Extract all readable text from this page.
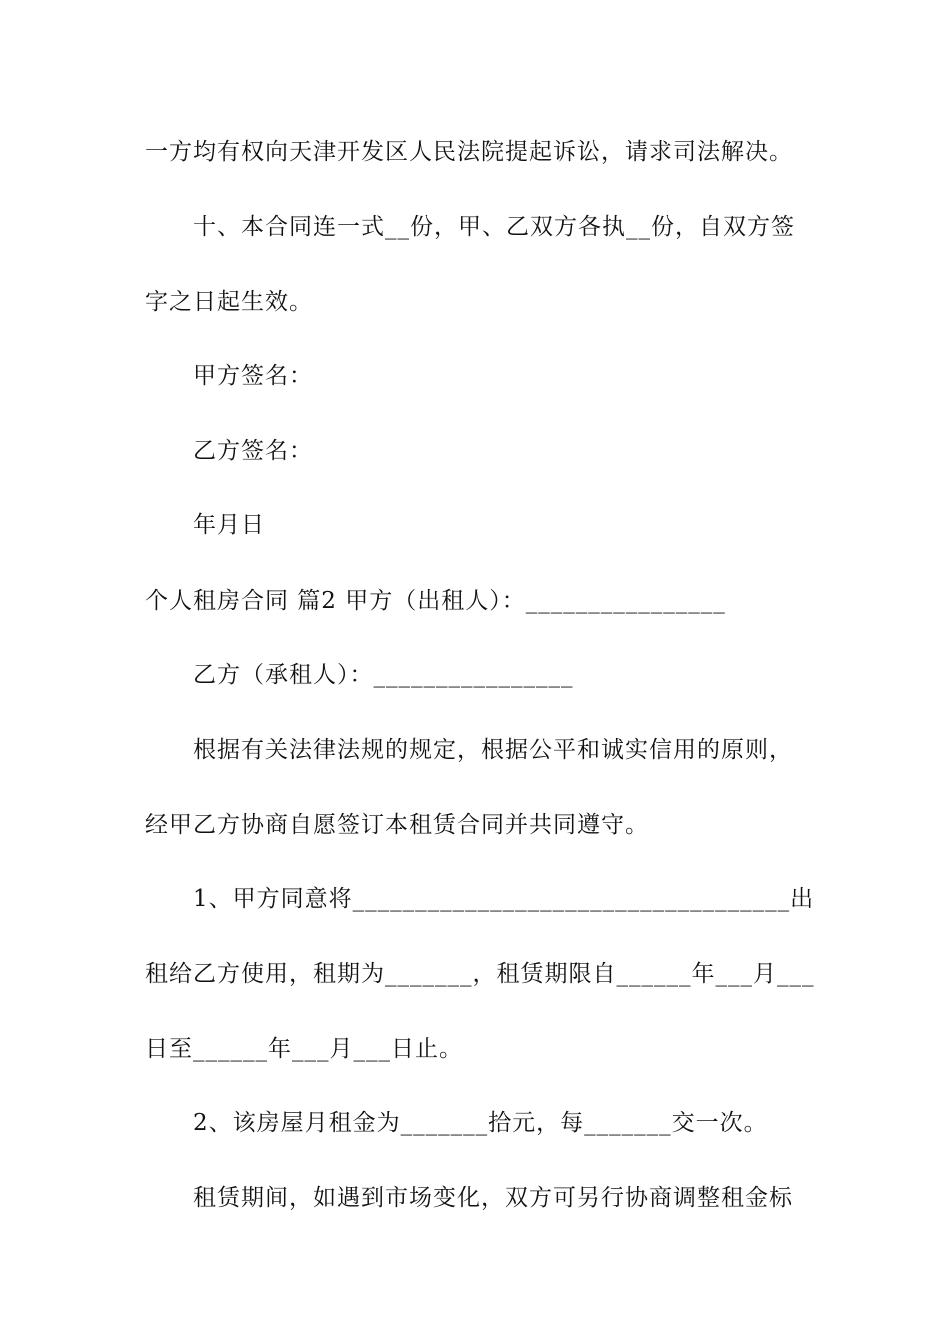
一方均有权向天津开发区人民法院提起诉讼，请求司法解决。
十、本合同连一式__份，甲、乙双方各执__份，自双方签
字之日起生效。
甲方签名：
乙方签名：
年月日
个人租房合同 篇2 甲方（出租人）：________________
乙方（承租人）：________________
根据有关法律法规的规定，根据公平和诚实信用的原则，
经甲乙方协商自愿签订本租赁合同并共同遵守。
1、甲方同意将___________________________________出
租给乙方使用，租期为_______，租赁期限自______年___月___
日至______年___月___日止。
2、该房屋月租金为_______拾元，每_______交一次。
租赁期间，如遇到市场变化，双方可另行协商调整租金标
